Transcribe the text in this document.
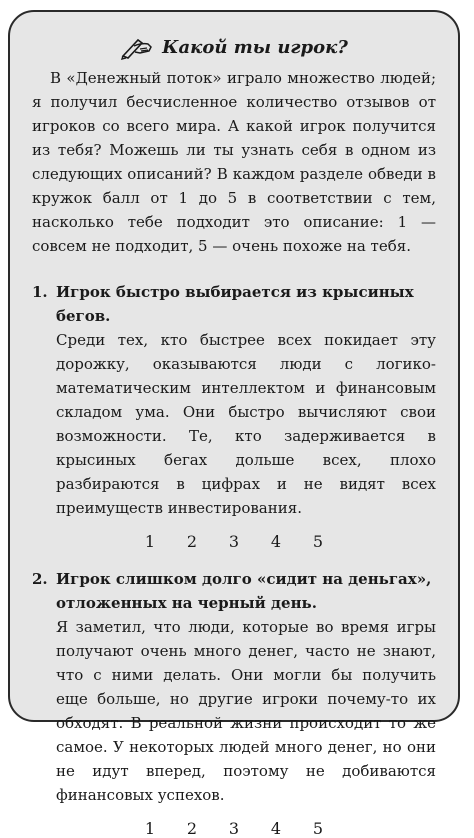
Какой ты игрок?

В «Денежный поток» играло множество людей; я получил бесчисленное количество отзывов от игроков со всего мира. А какой игрок получится из тебя? Можешь ли ты узнать себя в одном из следующих описаний? В каждом разделе обведи в кружок балл от 1 до 5 в соответствии с тем, насколько тебе подходит это описание: 1 — совсем не подходит, 5 — очень похоже на тебя.

1. Игрок быстро выбирается из крысиных бегов.

Среди тех, кто быстрее всех покидает эту дорожку, оказываются люди с логико-математическим интеллектом и финансовым складом ума. Они быстро вычисляют свои возможности. Те, кто задерживается в крысиных бегах дольше всех, плохо разбираются в цифрах и не видят всех преимуществ инвестирования.

1 2 3 4 5
2. Игрок слишком долго «сидит на деньгах», отложенных на черный день.

Я заметил, что люди, которые во время игры получают очень много денег, часто не знают, что с ними делать. Они могли бы получить еще больше, но другие игроки почему-то их обходят. В реальной жизни происходит то же самое. У некоторых людей много денег, но они не идут вперед, поэтому не добиваются финансовых успехов.

1 2 3 4 5
